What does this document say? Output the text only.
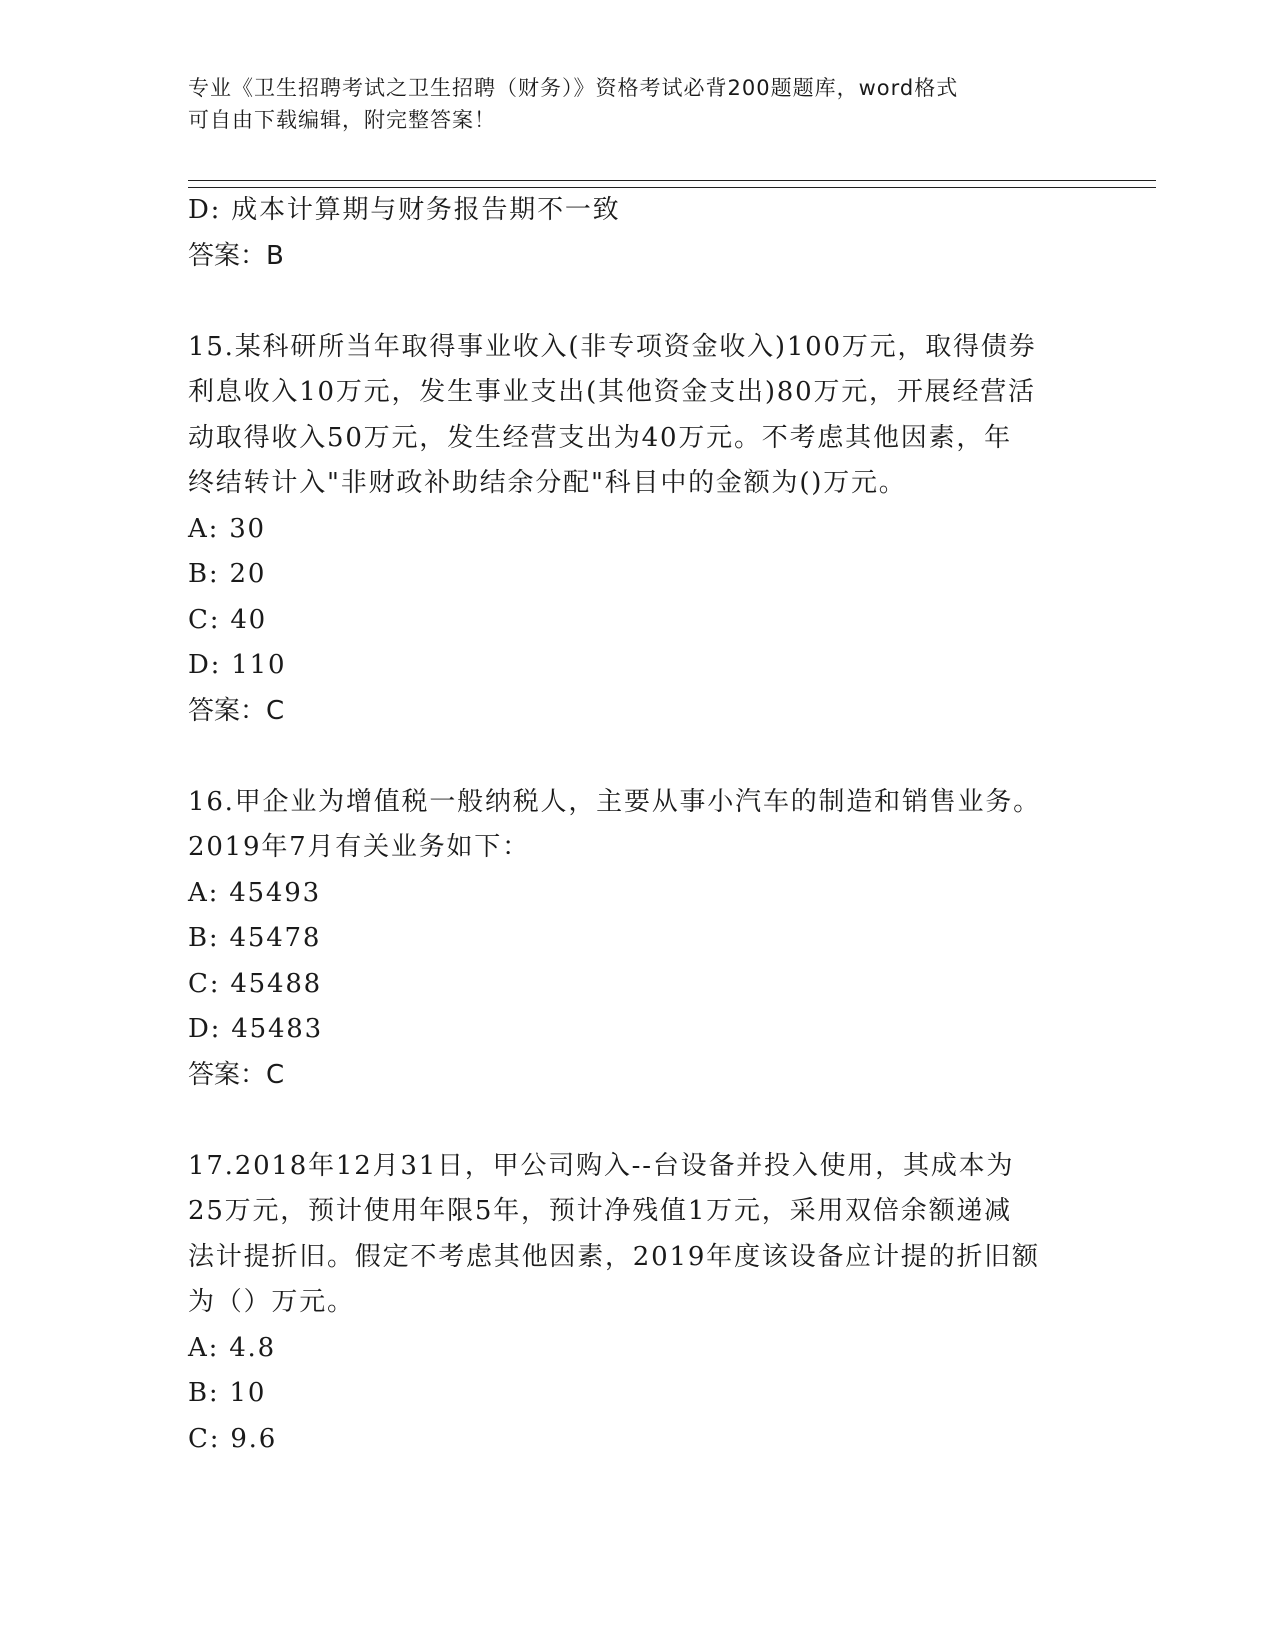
专业《卫生招聘考试之卫生招聘（财务）》资格考试必背200题题库，word格式
可自由下载编辑，附完整答案！
D: 成本计算期与财务报告期不一致
答案：B
15.某科研所当年取得事业收入(非专项资金收入)100万元，取得债券
利息收入10万元，发生事业支出(其他资金支出)80万元，开展经营活
动取得收入50万元，发生经营支出为40万元。不考虑其他因素，年
终结转计入"非财政补助结余分配"科目中的金额为()万元。
A: 30
B: 20
C: 40
D: 110
答案：C
16.甲企业为增值税一般纳税人，主要从事小汽车的制造和销售业务。
2019年7月有关业务如下：
A: 45493
B: 45478
C: 45488
D: 45483
答案：C
17.2018年12月31日，甲公司购入--台设备并投入使用，其成本为
25万元，预计使用年限5年，预计净残值1万元，采用双倍余额递减
法计提折旧。假定不考虑其他因素，2019年度该设备应计提的折旧额
为（）万元。
A: 4.8
B: 10
C: 9.6
